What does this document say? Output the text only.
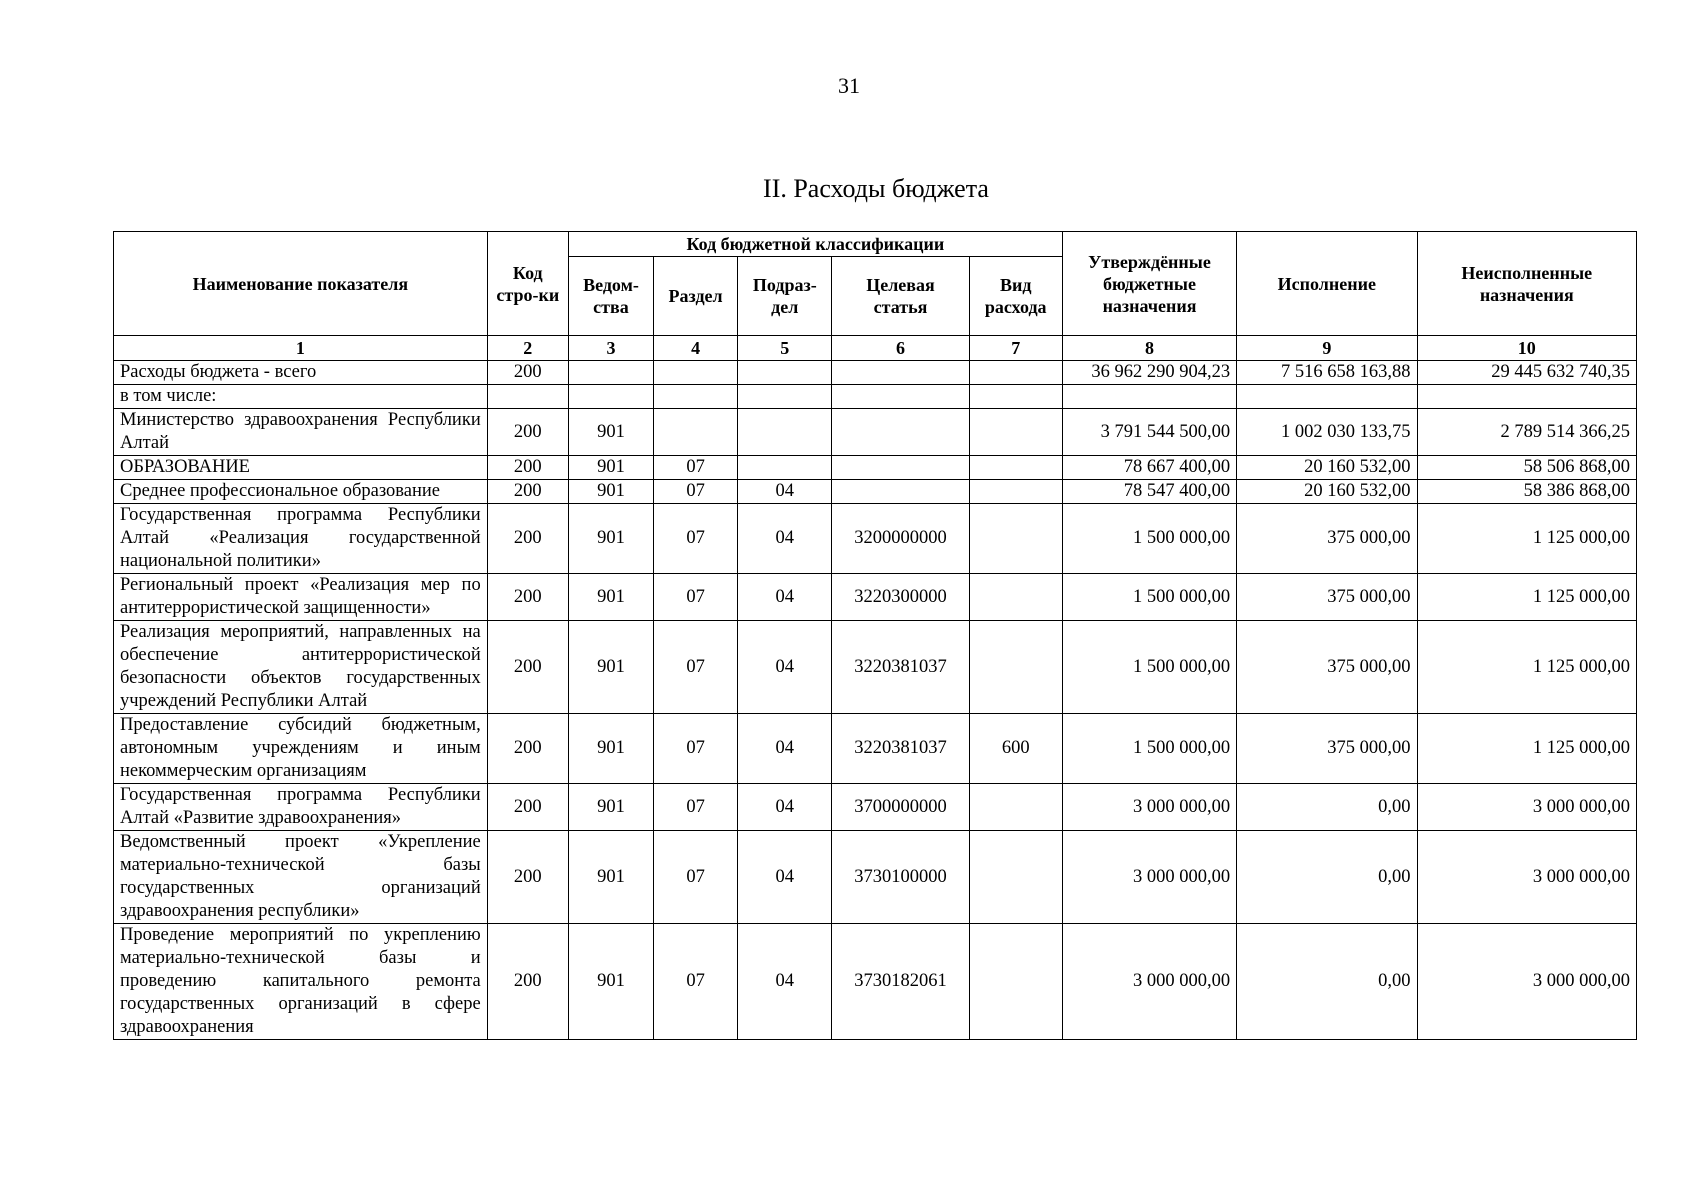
31
II. Расходы бюджета
Наименование показателя	Код стро-ки	Код бюджетной классификации					Утверждённые бюджетные назначения	Исполнение	Неисполненные назначения
		Ведом-ства	Раздел	Подраз-дел	Целевая статья	Вид расхода			
1	2	3	4	5	6	7	8	9	10
Расходы бюджета - всего	200						36 962 290 904,23	7 516 658 163,88	29 445 632 740,35
в том числе:									
Министерство здравоохранения Республики Алтай	200	901					3 791 544 500,00	1 002 030 133,75	2 789 514 366,25
ОБРАЗОВАНИЕ	200	901	07				78 667 400,00	20 160 532,00	58 506 868,00
Среднее профессиональное образование	200	901	07	04			78 547 400,00	20 160 532,00	58 386 868,00
Государственная программа Республики Алтай «Реализация государственной национальной политики»	200	901	07	04	3200000000		1 500 000,00	375 000,00	1 125 000,00
Региональный проект «Реализация мер по антитеррористической защищенности»	200	901	07	04	3220300000		1 500 000,00	375 000,00	1 125 000,00
Реализация мероприятий, направленных на обеспечение антитеррористической безопасности объектов государственных учреждений Республики Алтай	200	901	07	04	3220381037		1 500 000,00	375 000,00	1 125 000,00
Предоставление субсидий бюджетным, автономным учреждениям и иным некоммерческим организациям	200	901	07	04	3220381037	600	1 500 000,00	375 000,00	1 125 000,00
Государственная программа Республики Алтай «Развитие здравоохранения»	200	901	07	04	3700000000		3 000 000,00	0,00	3 000 000,00
Ведомственный проект «Укрепление материально-технической базы государственных организаций здравоохранения республики»	200	901	07	04	3730100000		3 000 000,00	0,00	3 000 000,00
Проведение мероприятий по укреплению материально-технической базы и проведению капитального ремонта государственных организаций в сфере здравоохранения	200	901	07	04	3730182061		3 000 000,00	0,00	3 000 000,00
